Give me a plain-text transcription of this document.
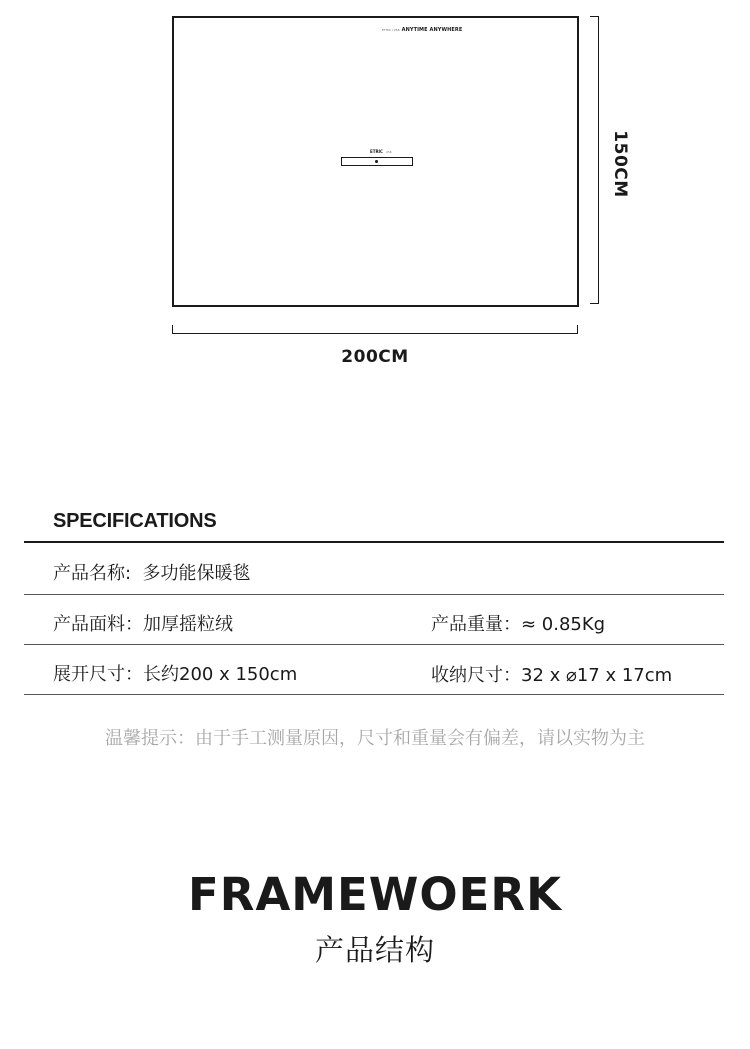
ETHIC / 256 ANYTIME ANYWHERE
ETRIC 256	150CM
200CM
SPECIFICATIONS
产品名称: 多功能保暖毯
产品面料：加厚摇粒绒	产品重量：≈ 0.85Kg
展开尺寸：长约200 x 150cm	收纳尺寸：32 x ⌀17 x 17cm
温馨提示：由于手工测量原因，尺寸和重量会有偏差，请以实物为主
FRAMEWOERK
产品结构
